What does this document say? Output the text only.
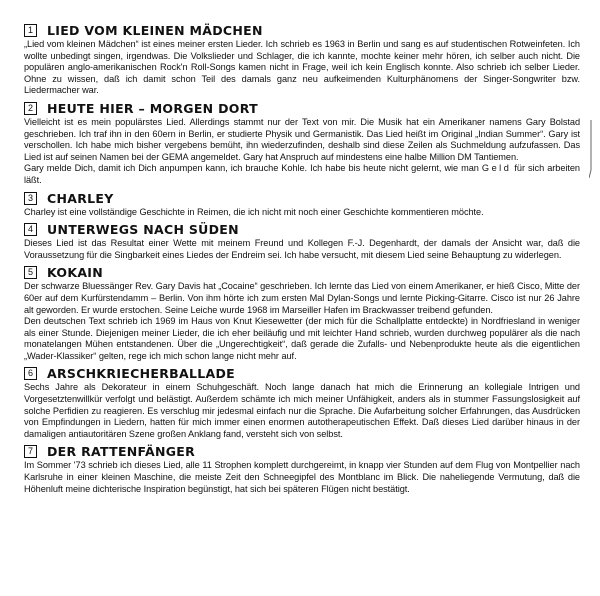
1	LIED VOM KLEINEN MÄDCHEN

„Lied vom kleinen Mädchen“ ist eines meiner ersten Lieder. Ich schrieb es 1963 in Berlin und sang es auf studentischen Rotweinfeten. Ich wollte unbedingt singen, irgendwas. Die Volkslieder und Schlager, die ich kannte, mochte keiner mehr hören, ich selber auch nicht. Die populären anglo-amerikanischen Rock'n Roll-Songs kamen nicht in Frage, weil ich kein Englisch konnte. Also schrieb ich selber Lieder. Ohne zu wissen, daß ich damit schon Teil des damals ganz neu aufkeimenden Kulturphänomens der Singer-Songwriter bzw. Liedermacher war.

2	HEUTE HIER – MORGEN DORT

Vielleicht ist es mein populärstes Lied. Allerdings stammt nur der Text von mir. Die Musik hat ein Amerikaner namens Gary Bolstad geschrieben. Ich traf ihn in den 60ern in Berlin, er studierte Physik und Germanistik. Das Lied heißt im Original „Indian Summer“. Gary ist verschollen. Ich habe mich bisher vergebens bemüht, ihn wiederzufinden, deshalb sind diese Zeilen als Suchmeldung aufzufassen. Das Lied ist auf seinen Namen bei der GEMA angemeldet. Gary hat Anspruch auf mindestens eine halbe Million DM Tantiemen.

Gary melde Dich, damit ich Dich anpumpen kann, ich brauche Kohle. Ich habe bis heute nicht gelernt, wie man Geld für sich arbeiten läßt.

3	CHARLEY

Charley ist eine vollständige Geschichte in Reimen, die ich nicht mit noch einer Geschichte kommentieren möchte.

4	UNTERWEGS NACH SÜDEN

Dieses Lied ist das Resultat einer Wette mit meinem Freund und Kollegen F.-J. Degenhardt, der damals der Ansicht war, daß die Voraussetzung für die Singbarkeit eines Liedes der Endreim sei. Ich habe versucht, mit diesem Lied seine Behauptung zu widerlegen.

5	KOKAIN

Der schwarze Bluessänger Rev. Gary Davis hat „Cocaine“ geschrieben. Ich lernte das Lied von einem Amerikaner, er hieß Cisco, Mitte der 60er auf dem Kurfürstendamm – Berlin. Von ihm hörte ich zum ersten Mal Dylan-Songs und lernte Picking-Gitarre. Cisco ist nur 26 Jahre alt geworden. Er wurde erstochen. Seine Leiche wurde 1968 im Marseiller Hafen im Brackwasser treibend gefunden.

Den deutschen Text schrieb ich 1969 im Haus von Knut Kiesewetter (der mich für die Schallplatte entdeckte) in Nordfriesland in weniger als einer Stunde. Diejenigen meiner Lieder, die ich eher beiläufig und mit leichter Hand schrieb, wurden durchweg populärer als die nach monatelangen Mühen entstandenen. Über die „Ungerechtigkeit“, daß gerade die Zufalls- und Nebenprodukte heute als die eigentlichen „Wader-Klassiker“ gelten, rege ich mich schon lange nicht mehr auf.

6	ARSCHKRIECHERBALLADE

Sechs Jahre als Dekorateur in einem Schuhgeschäft. Noch lange danach hat mich die Erinnerung an kollegiale Intrigen und Vorgesetztenwillkür verfolgt und belästigt. Außerdem schämte ich mich meiner Unfähigkeit, anders als in stummer Fassungslosigkeit auf solche Perfidien zu reagieren. Es verschlug mir jedesmal einfach nur die Sprache. Die Aufarbeitung solcher Erfahrungen, das Ausdrücken von Empfindungen in Liedern, hatten für mich immer einen enormen autotherapeutischen Effekt. Daß dieses Lied darüber hinaus in der damaligen antiautoritären Szene großen Anklang fand, versteht sich von selbst.

7	DER RATTENFÄNGER

Im Sommer '73 schrieb ich dieses Lied, alle 11 Strophen komplett durchgereimt, in knapp vier Stunden auf dem Flug von Montpellier nach Karlsruhe in einer kleinen Maschine, die meiste Zeit den Schneegipfel des Montblanc im Blick. Die naheliegende Vermutung, daß die Höhenluft meine dichterische Inspiration begünstigt, hat sich bei späteren Flügen nicht bestätigt.
